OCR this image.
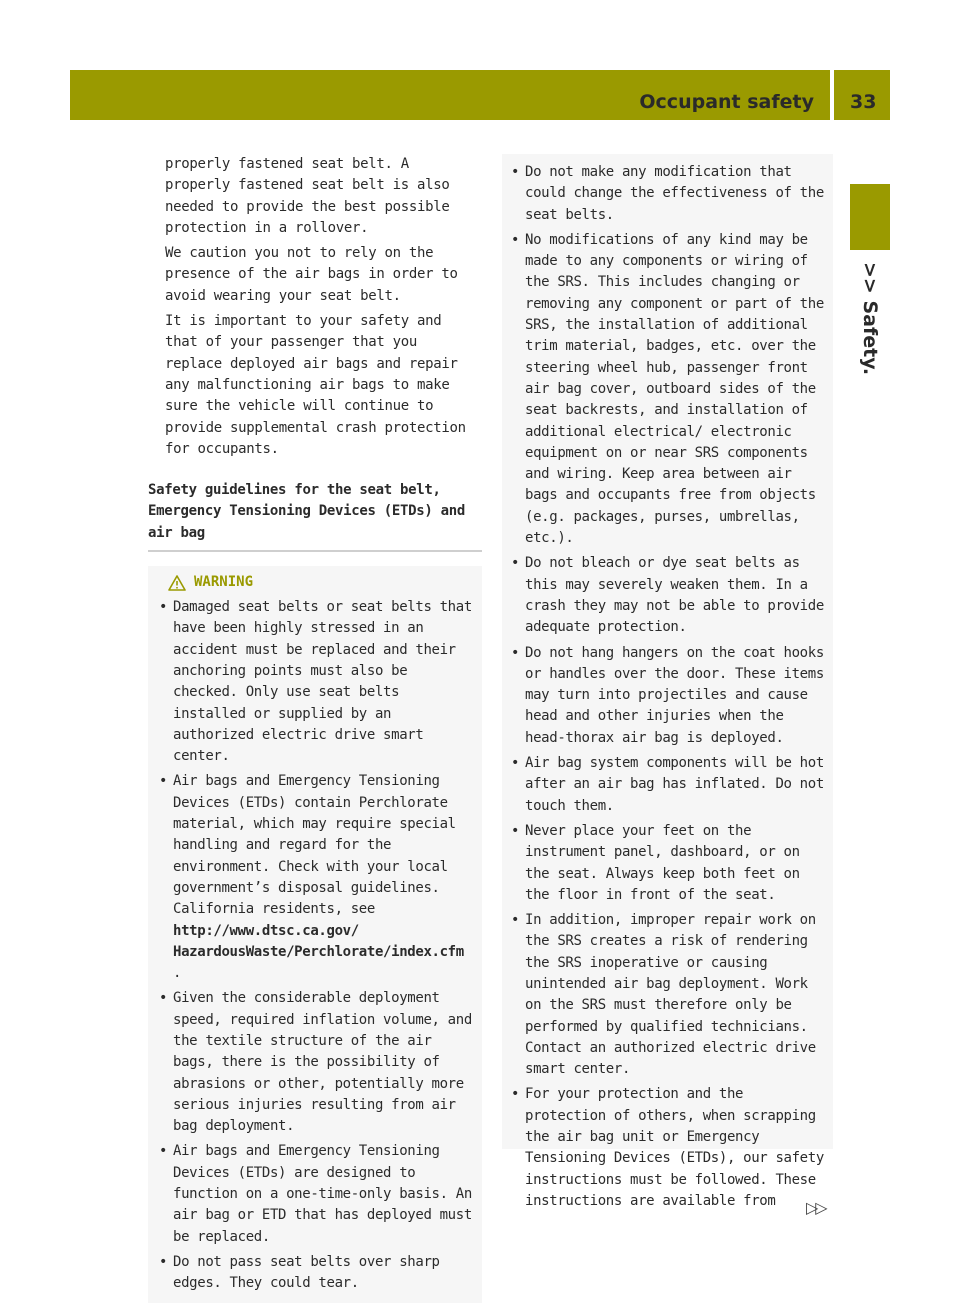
Occupant safety 33
>> Safety.

properly fastened seat belt. A properly fastened seat belt is also needed to provide the best possible protection in a rollover.

We caution you not to rely on the presence of the air bags in order to avoid wearing your seat belt.

It is important to your safety and that of your passenger that you replace deployed air bags and repair any malfunctioning air bags to make sure the vehicle will continue to provide supplemental crash protection for occupants.

Safety guidelines for the seat belt, Emergency Tensioning Devices (ETDs) and air bag
WARNING
• Damaged seat belts or seat belts that have been highly stressed in an accident must be replaced and their anchoring points must also be checked. Only use seat belts installed or supplied by an authorized electric drive smart center.
• Air bags and Emergency Tensioning Devices (ETDs) contain Perchlorate material, which may require special handling and regard for the environment. Check with your local government’s disposal guidelines. California residents, see http://www.dtsc.ca.gov/ HazardousWaste/Perchlorate/index.cfm .
• Given the considerable deployment speed, required inflation volume, and the textile structure of the air bags, there is the possibility of abrasions or other, potentially more serious injuries resulting from air bag deployment.
• Air bags and Emergency Tensioning Devices (ETDs) are designed to function on a one-time-only basis. An air bag or ETD that has deployed must be replaced.
• Do not pass seat belts over sharp edges. They could tear.
• Do not make any modification that could change the effectiveness of the seat belts.
• No modifications of any kind may be made to any components or wiring of the SRS. This includes changing or removing any component or part of the SRS, the installation of additional trim material, badges, etc. over the steering wheel hub, passenger front air bag cover, outboard sides of the seat backrests, and installation of additional electrical/ electronic equipment on or near SRS components and wiring. Keep area between air bags and occupants free from objects (e.g. packages, purses, umbrellas, etc.).
• Do not bleach or dye seat belts as this may severely weaken them. In a crash they may not be able to provide adequate protection.
• Do not hang hangers on the coat hooks or handles over the door. These items may turn into projectiles and cause head and other injuries when the head-thorax air bag is deployed.
• Air bag system components will be hot after an air bag has inflated. Do not touch them.
• Never place your feet on the instrument panel, dashboard, or on the seat. Always keep both feet on the floor in front of the seat.
• In addition, improper repair work on the SRS creates a risk of rendering the SRS inoperative or causing unintended air bag deployment. Work on the SRS must therefore only be performed by qualified technicians. Contact an authorized electric drive smart center.
• For your protection and the protection of others, when scrapping the air bag unit or Emergency Tensioning Devices (ETDs), our safety instructions must be followed. These instructions are available from	▷▷
